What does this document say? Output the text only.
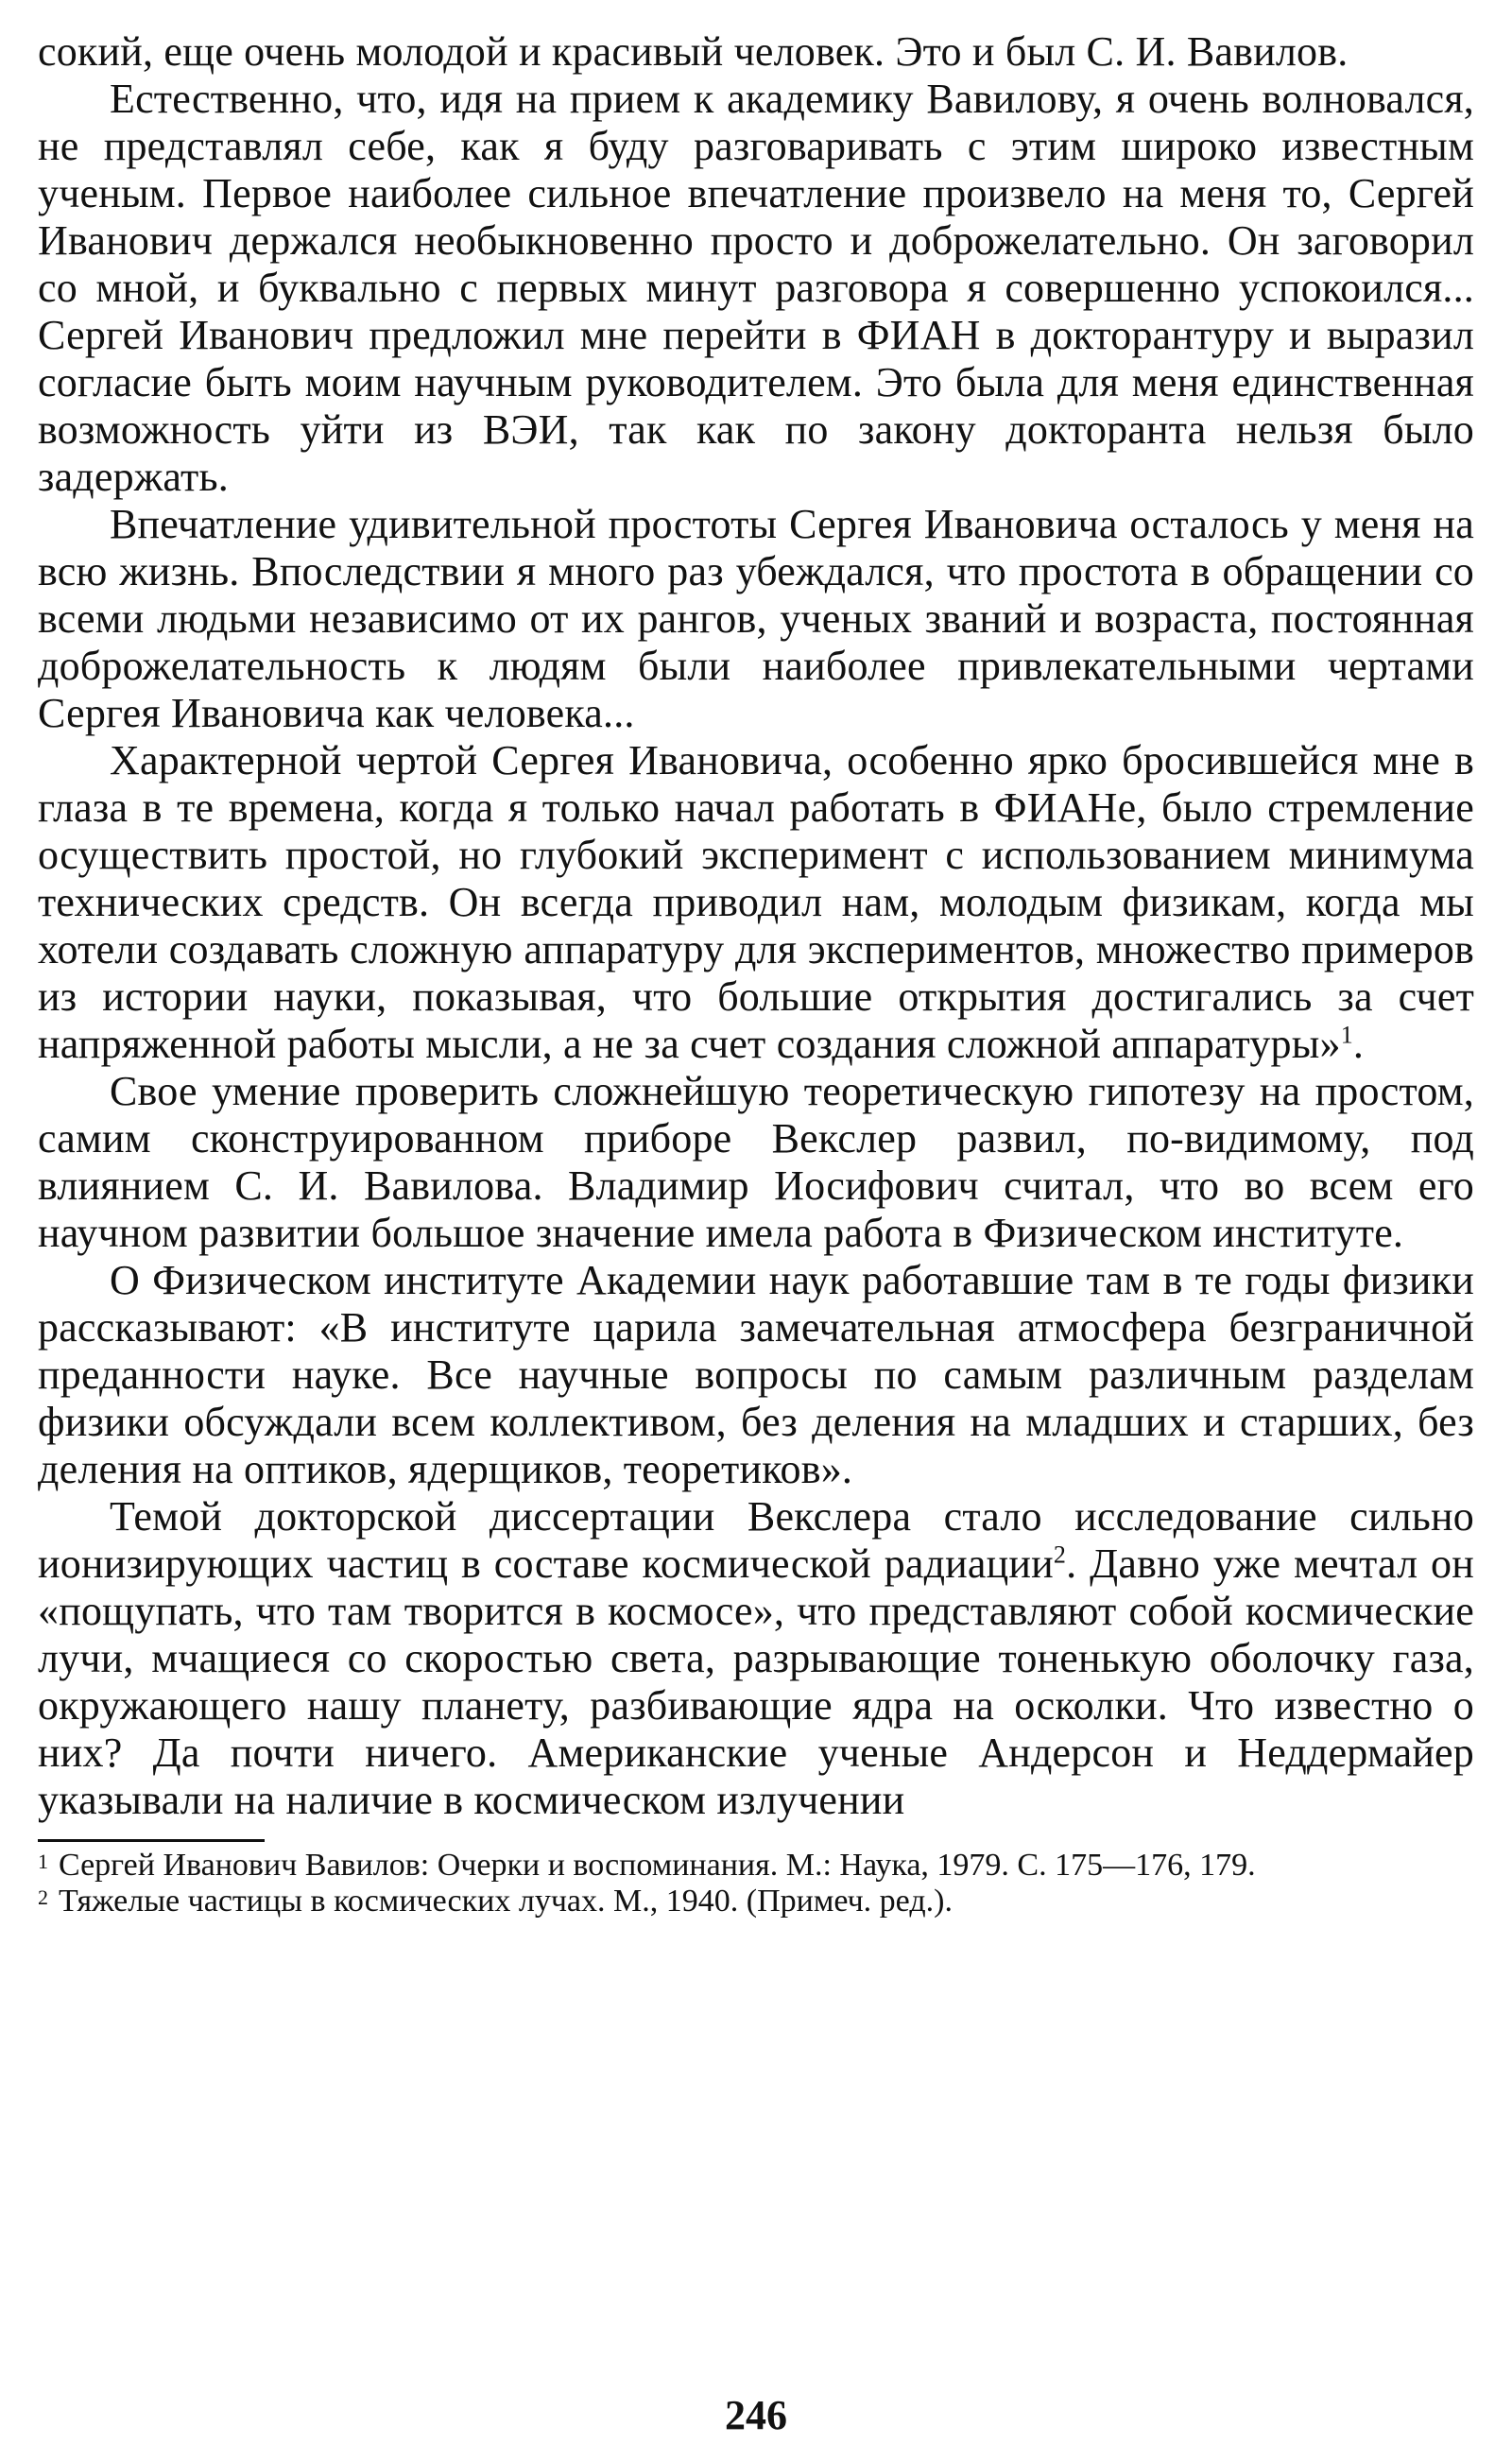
сокий, еще очень молодой и красивый человек. Это и был С. И. Вавилов.

Естественно, что, идя на прием к академику Вавилову, я очень волновался, не представлял себе, как я буду разговаривать с этим широко известным ученым. Первое наиболее сильное впечатление произвело на меня то, Сергей Иванович держался необыкновенно просто и доброжелательно. Он заговорил со мной, и буквально с первых минут разговора я совершенно успокоился... Сергей Иванович предложил мне перейти в ФИАН в докторантуру и выразил согласие быть моим научным руководителем. Это была для меня единственная возможность уйти из ВЭИ, так как по закону докторанта нельзя было задержать.

Впечатление удивительной простоты Сергея Ивановича осталось у меня на всю жизнь. Впоследствии я много раз убеждался, что простота в обращении со всеми людьми независимо от их рангов, ученых званий и возраста, постоянная доброжелательность к людям были наиболее привлекательными чертами Сергея Ивановича как человека...

Характерной чертой Сергея Ивановича, особенно ярко бросившейся мне в глаза в те времена, когда я только начал работать в ФИАНе, было стремление осуществить простой, но глубокий эксперимент с использованием минимума технических средств. Он всегда приводил нам, молодым физикам, когда мы хотели создавать сложную аппаратуру для экспериментов, множество примеров из истории науки, показывая, что большие открытия достигались за счет напряженной работы мысли, а не за счет создания сложной аппаратуры»$^1$.

Свое умение проверить сложнейшую теоретическую гипотезу на простом, самим сконструированном приборе Векслер развил, по-видимому, под влиянием С. И. Вавилова. Владимир Иосифович считал, что во всем его научном развитии большое значение имела работа в Физическом институте.

О Физическом институте Академии наук работавшие там в те годы физики рассказывают: «В институте царила замечательная атмосфера безграничной преданности науке. Все научные вопросы по самым различным разделам физики обсуждали всем коллективом, без деления на младших и старших, без деления на оптиков, ядерщиков, теоретиков».

Темой докторской диссертации Векслера стало исследование сильно ионизирующих частиц в составе космической радиации$^2$. Давно уже мечтал он «пощупать, что там творится в космосе», что представляют собой космические лучи, мчащиеся со скоростью света, разрывающие тоненькую оболочку газа, окружающего нашу планету, разбивающие ядра на осколки. Что известно о них? Да почти ничего. Американские ученые Андерсон и Неддермайер указывали на наличие в космическом излучении

1 Сергей Иванович Вавилов: Очерки и воспоминания. М.: Наука, 1979. С. 175—176, 179.
2 Тяжелые частицы в космических лучах. М., 1940. (Примеч. ред.).
246
